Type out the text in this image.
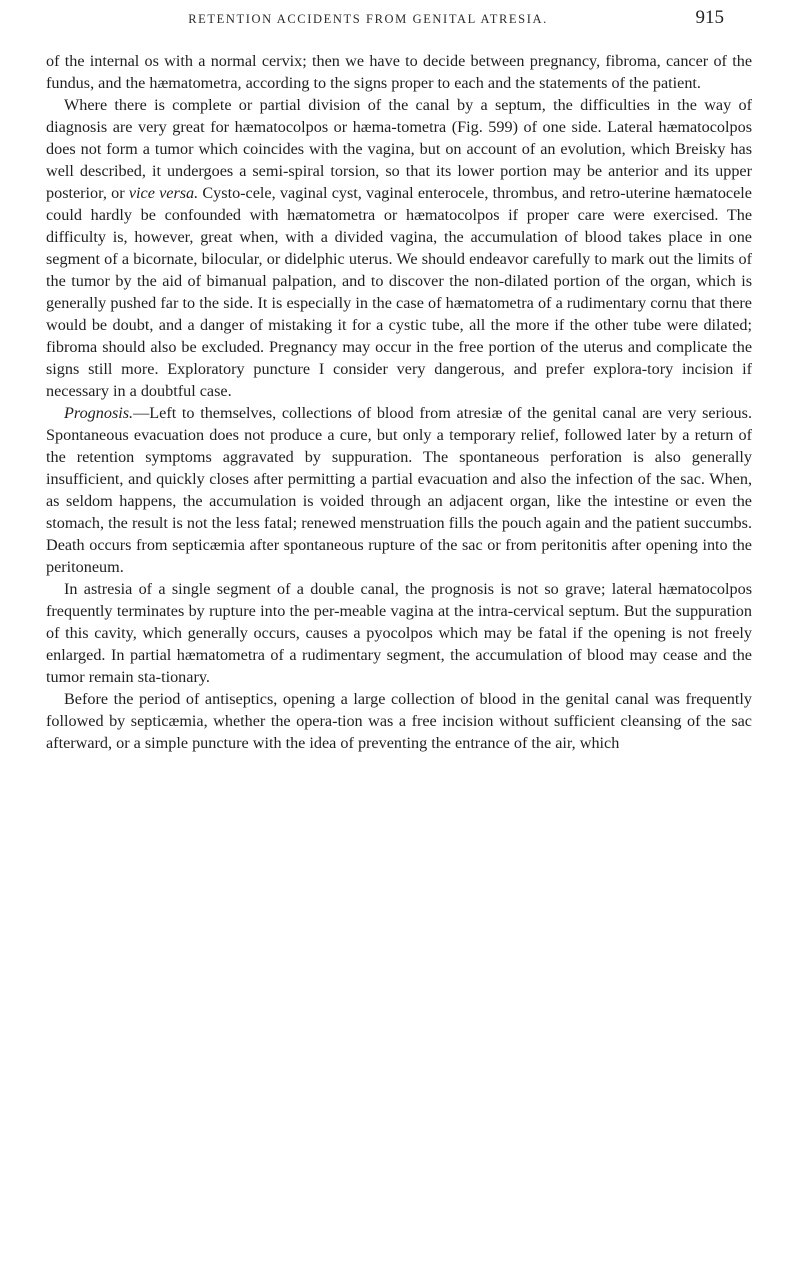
RETENTION ACCIDENTS FROM GENITAL ATRESIA.	915

of the internal os with a normal cervix; then we have to decide between pregnancy, fibroma, cancer of the fundus, and the hæmatometra, according to the signs proper to each and the statements of the patient.

Where there is complete or partial division of the canal by a septum, the difficulties in the way of diagnosis are very great for hæmatocolpos or hæma-tometra (Fig. 599) of one side. Lateral hæmatocolpos does not form a tumor which coincides with the vagina, but on account of an evolution, which Breisky has well described, it undergoes a semi-spiral torsion, so that its lower portion may be anterior and its upper posterior, or vice versa. Cysto-cele, vaginal cyst, vaginal enterocele, thrombus, and retro-uterine hæmatocele could hardly be confounded with hæmatometra or hæmatocolpos if proper care were exercised. The difficulty is, however, great when, with a divided vagina, the accumulation of blood takes place in one segment of a bicornate, bilocular, or didelphic uterus. We should endeavor carefully to mark out the limits of the tumor by the aid of bimanual palpation, and to discover the non-dilated portion of the organ, which is generally pushed far to the side. It is especially in the case of hæmatometra of a rudimentary cornu that there would be doubt, and a danger of mistaking it for a cystic tube, all the more if the other tube were dilated; fibroma should also be excluded. Pregnancy may occur in the free portion of the uterus and complicate the signs still more. Exploratory puncture I consider very dangerous, and prefer explora-tory incision if necessary in a doubtful case.

Prognosis.—Left to themselves, collections of blood from atresiæ of the genital canal are very serious. Spontaneous evacuation does not produce a cure, but only a temporary relief, followed later by a return of the retention symptoms aggravated by suppuration. The spontaneous perforation is also generally insufficient, and quickly closes after permitting a partial evacuation and also the infection of the sac. When, as seldom happens, the accumulation is voided through an adjacent organ, like the intestine or even the stomach, the result is not the less fatal; renewed menstruation fills the pouch again and the patient succumbs. Death occurs from septicæmia after spontaneous rupture of the sac or from peritonitis after opening into the peritoneum.

In astresia of a single segment of a double canal, the prognosis is not so grave; lateral hæmatocolpos frequently terminates by rupture into the per-meable vagina at the intra-cervical septum. But the suppuration of this cavity, which generally occurs, causes a pyocolpos which may be fatal if the opening is not freely enlarged. In partial hæmatometra of a rudimentary segment, the accumulation of blood may cease and the tumor remain sta-tionary.

Before the period of antiseptics, opening a large collection of blood in the genital canal was frequently followed by septicæmia, whether the opera-tion was a free incision without sufficient cleansing of the sac afterward, or a simple puncture with the idea of preventing the entrance of the air, which
